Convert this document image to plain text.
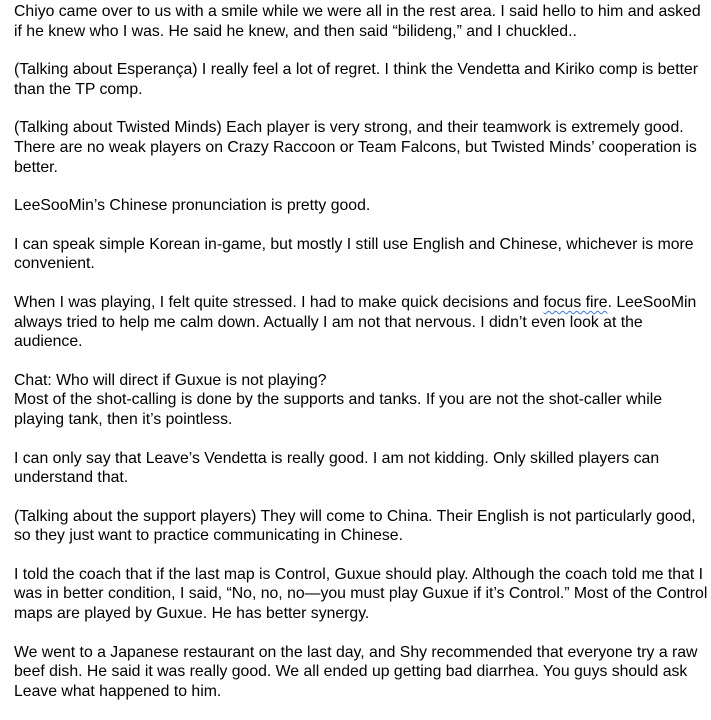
Chiyo came over to us with a smile while we were all in the rest area. I said hello to him and asked if he knew who I was. He said he knew, and then said “bilideng,” and I chuckled..

(Talking about Esperança) I really feel a lot of regret. I think the Vendetta and Kiriko comp is better than the TP comp.

(Talking about Twisted Minds) Each player is very strong, and their teamwork is extremely good. There are no weak players on Crazy Raccoon or Team Falcons, but Twisted Minds’ cooperation is better.

LeeSooMin’s Chinese pronunciation is pretty good.

I can speak simple Korean in-game, but mostly I still use English and Chinese, whichever is more convenient.

When I was playing, I felt quite stressed. I had to make quick decisions and focus fire. LeeSooMin always tried to help me calm down. Actually I am not that nervous. I didn’t even look at the audience.

Chat: Who will direct if Guxue is not playing?
Most of the shot-calling is done by the supports and tanks. If you are not the shot-caller while playing tank, then it’s pointless.

I can only say that Leave’s Vendetta is really good. I am not kidding. Only skilled players can understand that.

(Talking about the support players) They will come to China. Their English is not particularly good, so they just want to practice communicating in Chinese.

I told the coach that if the last map is Control, Guxue should play. Although the coach told me that I was in better condition, I said, “No, no, no—you must play Guxue if it’s Control.” Most of the Control maps are played by Guxue. He has better synergy.

We went to a Japanese restaurant on the last day, and Shy recommended that everyone try a raw beef dish. He said it was really good. We all ended up getting bad diarrhea. You guys should ask Leave what happened to him.
